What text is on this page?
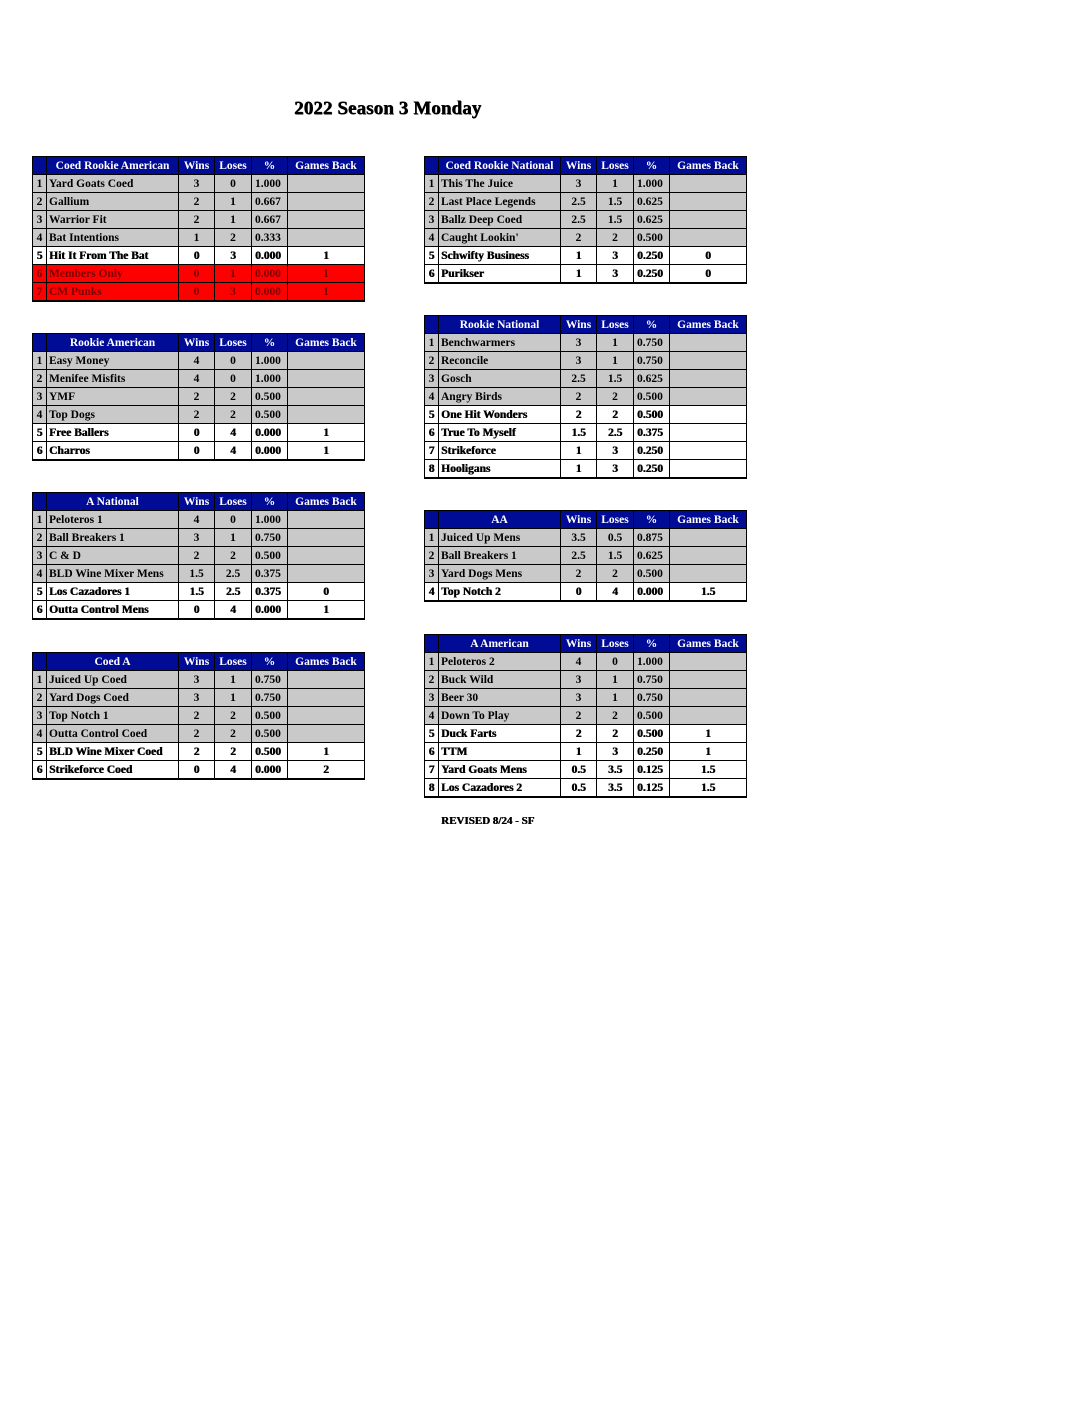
2022 Season 3 Monday
	Coed Rookie American	Wins	Loses	%	Games Back
1	Yard Goats Coed	3	0	1.000	
2	Gallium	2	1	0.667	
3	Warrior Fit	2	1	0.667	
4	Bat Intentions	1	2	0.333	
5	Hit It From The Bat	0	3	0.000	1
6	Members Only	0	1	0.000	1
7	CM Punks	0	3	0.000	1
	Rookie American	Wins	Loses	%	Games Back
1	Easy Money	4	0	1.000	
2	Menifee Misfits	4	0	1.000	
3	YMF	2	2	0.500	
4	Top Dogs	2	2	0.500	
5	Free Ballers	0	4	0.000	1
6	Charros	0	4	0.000	1
	A National	Wins	Loses	%	Games Back
1	Peloteros 1	4	0	1.000	
2	Ball Breakers 1	3	1	0.750	
3	C & D	2	2	0.500	
4	BLD Wine Mixer Mens	1.5	2.5	0.375	
5	Los Cazadores 1	1.5	2.5	0.375	0
6	Outta Control Mens	0	4	0.000	1
	Coed A	Wins	Loses	%	Games Back
1	Juiced Up Coed	3	1	0.750	
2	Yard Dogs Coed	3	1	0.750	
3	Top Notch 1	2	2	0.500	
4	Outta Control Coed	2	2	0.500	
5	BLD Wine Mixer Coed	2	2	0.500	1
6	Strikeforce Coed	0	4	0.000	2
	Coed Rookie National	Wins	Loses	%	Games Back
1	This The Juice	3	1	1.000	
2	Last Place Legends	2.5	1.5	0.625	
3	Ballz Deep Coed	2.5	1.5	0.625	
4	Caught Lookin'	2	2	0.500	
5	Schwifty Business	1	3	0.250	0
6	Purikser	1	3	0.250	0
	Rookie National	Wins	Loses	%	Games Back
1	Benchwarmers	3	1	0.750	
2	Reconcile	3	1	0.750	
3	Gosch	2.5	1.5	0.625	
4	Angry Birds	2	2	0.500	
5	One Hit Wonders	2	2	0.500	
6	True To Myself	1.5	2.5	0.375	
7	Strikeforce	1	3	0.250	
8	Hooligans	1	3	0.250	
	AA	Wins	Loses	%	Games Back
1	Juiced Up Mens	3.5	0.5	0.875	
2	Ball Breakers 1	2.5	1.5	0.625	
3	Yard Dogs Mens	2	2	0.500	
4	Top Notch 2	0	4	0.000	1.5
	A American	Wins	Loses	%	Games Back
1	Peloteros 2	4	0	1.000	
2	Buck Wild	3	1	0.750	
3	Beer 30	3	1	0.750	
4	Down To Play	2	2	0.500	
5	Duck Farts	2	2	0.500	1
6	TTM	1	3	0.250	1
7	Yard Goats Mens	0.5	3.5	0.125	1.5
8	Los Cazadores 2	0.5	3.5	0.125	1.5
REVISED 8/24 - SF
